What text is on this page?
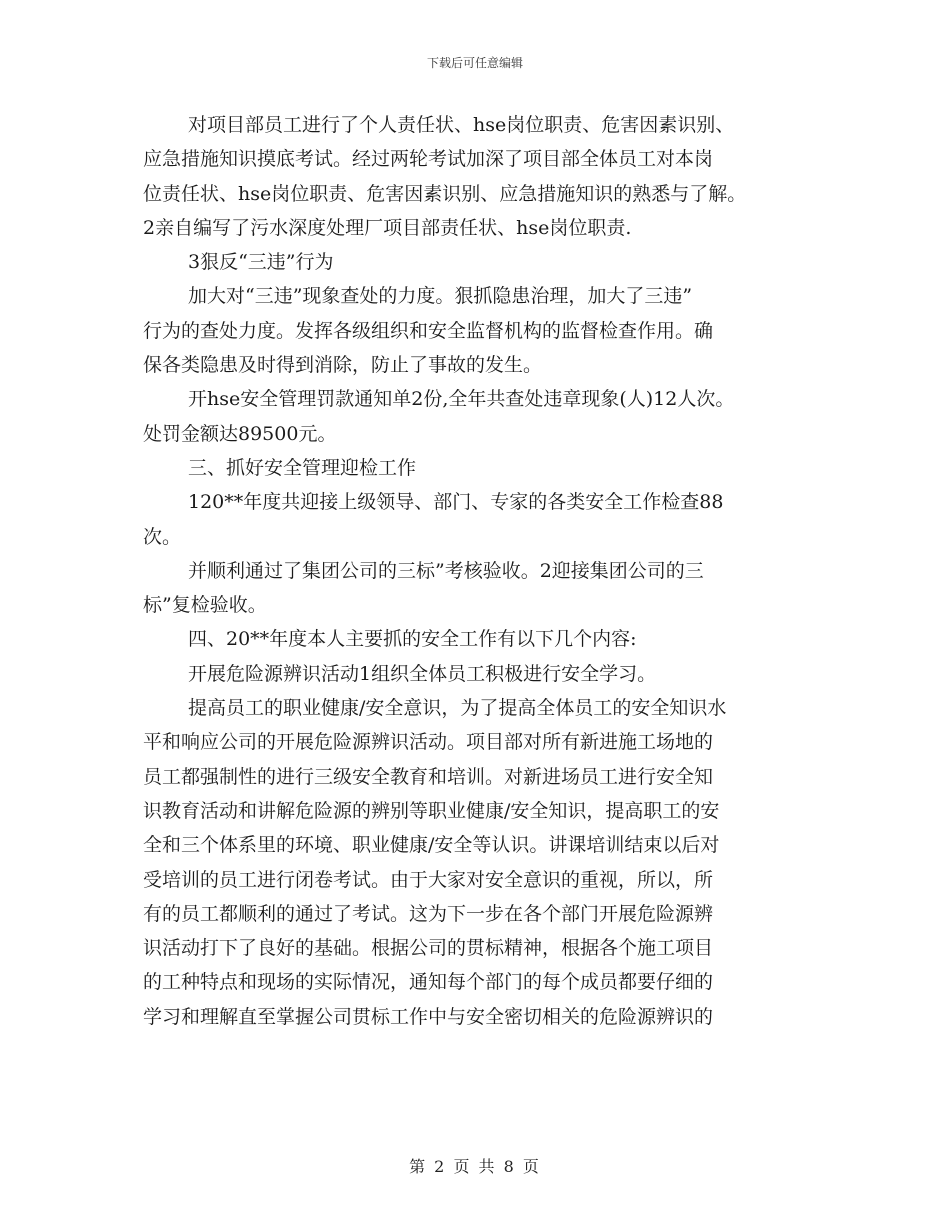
下载后可任意编辑
对项目部员工进行了个人责任状、hse岗位职责、危害因素识别、
应急措施知识摸底考试。经过两轮考试加深了项目部全体员工对本岗
位责任状、hse岗位职责、危害因素识别、应急措施知识的熟悉与了解。
2亲自编写了污水深度处理厂项目部责任状、hse岗位职责.
3狠反“三违”行为
加大对“三违”现象查处的力度。狠抓隐患治理，加大了三违”
行为的查处力度。发挥各级组织和安全监督机构的监督检查作用。确
保各类隐患及时得到消除，防止了事故的发生。
开hse安全管理罚款通知单2份,全年共查处违章现象(人)12人次。
处罚金额达89500元。
三、抓好安全管理迎检工作
120**年度共迎接上级领导、部门、专家的各类安全工作检查88
次。
并顺利通过了集团公司的三标”考核验收。2迎接集团公司的三
标”复检验收。
四、20**年度本人主要抓的安全工作有以下几个内容:
开展危险源辨识活动1组织全体员工积极进行安全学习。
提高员工的职业健康/安全意识，为了提高全体员工的安全知识水
平和响应公司的开展危险源辨识活动。项目部对所有新进施工场地的
员工都强制性的进行三级安全教育和培训。对新进场员工进行安全知
识教育活动和讲解危险源的辨别等职业健康/安全知识，提高职工的安
全和三个体系里的环境、职业健康/安全等认识。讲课培训结束以后对
受培训的员工进行闭卷考试。由于大家对安全意识的重视，所以，所
有的员工都顺利的通过了考试。这为下一步在各个部门开展危险源辨
识活动打下了良好的基础。根据公司的贯标精神，根据各个施工项目
的工种特点和现场的实际情况，通知每个部门的每个成员都要仔细的
学习和理解直至掌握公司贯标工作中与安全密切相关的危险源辨识的
第 2 页 共 8 页
